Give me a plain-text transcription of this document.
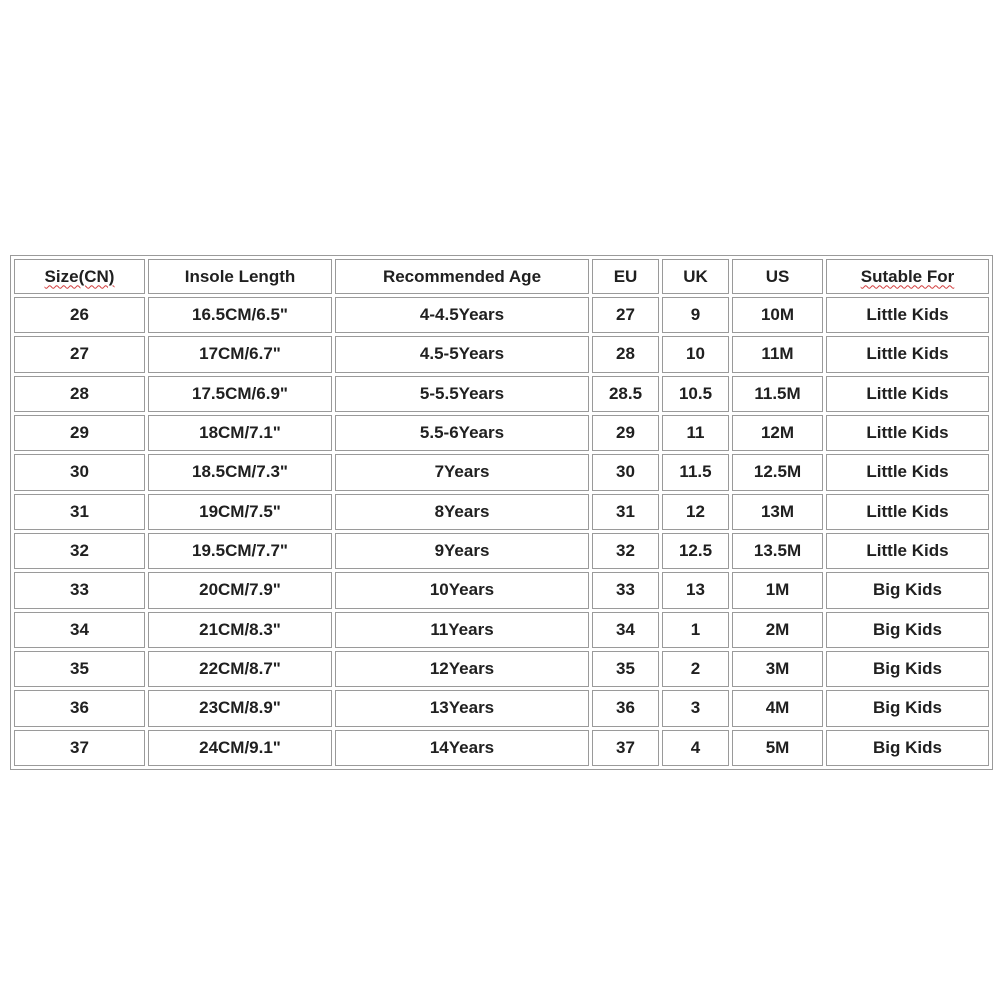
Size(CN)	Insole Length	Recommended Age	EU	UK	US	Sutable For
26	16.5CM/6.5"	4-4.5Years	27	9	10M	Little Kids
27	17CM/6.7"	4.5-5Years	28	10	11M	Little Kids
28	17.5CM/6.9"	5-5.5Years	28.5	10.5	11.5M	Little Kids
29	18CM/7.1"	5.5-6Years	29	11	12M	Little Kids
30	18.5CM/7.3"	7Years	30	11.5	12.5M	Little Kids
31	19CM/7.5"	8Years	31	12	13M	Little Kids
32	19.5CM/7.7"	9Years	32	12.5	13.5M	Little Kids
33	20CM/7.9"	10Years	33	13	1M	Big Kids
34	21CM/8.3"	11Years	34	1	2M	Big Kids
35	22CM/8.7"	12Years	35	2	3M	Big Kids
36	23CM/8.9"	13Years	36	3	4M	Big Kids
37	24CM/9.1"	14Years	37	4	5M	Big Kids
